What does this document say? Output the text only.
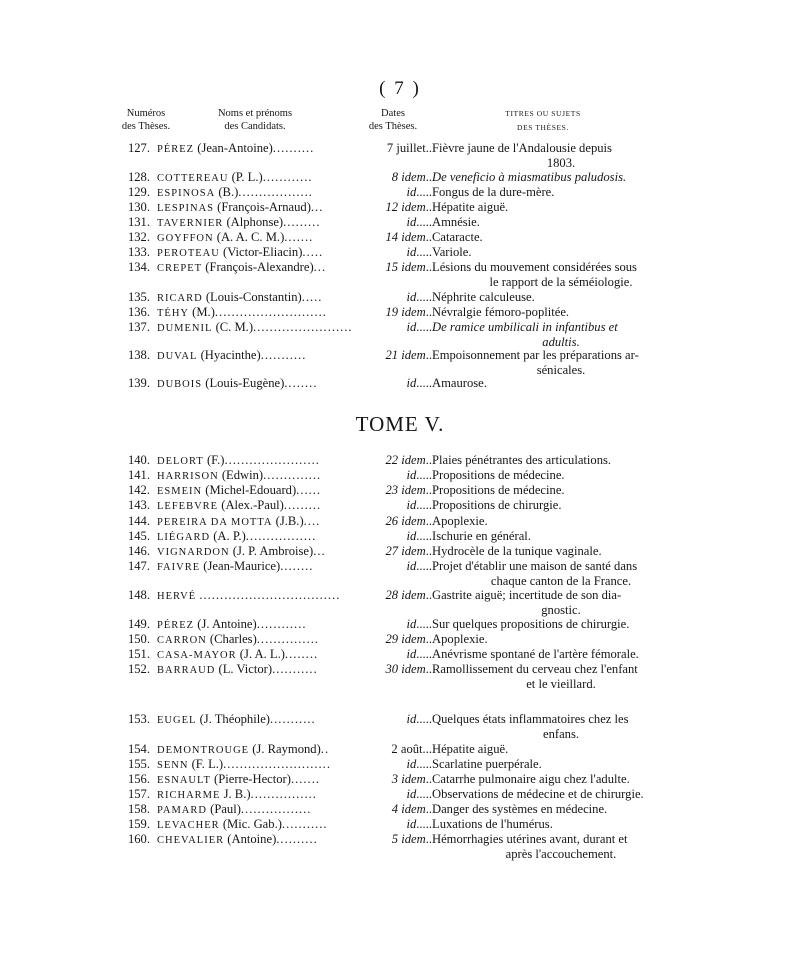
( 7 )
Numéros
des Thèses.
Noms et prénoms
des Candidats.
Dates
des Thèses.
TITRES OU SUJETS
DES THÈSES.
TOME V.
127. PÉREZ (Jean-Antoine)..........	7 juillet.. Fièvre jaune de l'Andalousie depuis
1803.
128. COTTEREAU (P. L.)............	8 idem.. De veneficio à miasmatibus paludosis.
129. ESPINOSA (B.)..................	id..... Fongus de la dure-mère.
130. LESPINAS (François-Arnaud)...	12 idem.. Hépatite aiguë.
131. TAVERNIER (Alphonse).........	id..... Amnésie.
132. GOYFFON (A. A. C. M.).......	14 idem.. Cataracte.
133. PEROTEAU (Victor-Eliacin).....	id..... Variole.
134. CREPET (François-Alexandre)...	15 idem.. Lésions du mouvement considérées sous
le rapport de la séméiologie.
135. RICARD (Louis-Constantin).....	id..... Néphrite calculeuse.
136. TÉHY (M.)...........................	19 idem.. Névralgie fémoro-poplitée.
137. DUMENIL (C. M.)........................	id..... De ramice umbilicali in infantibus et
adultis.
138. DUVAL (Hyacinthe)...........	21 idem.. Empoisonnement par les préparations ar-
sénicales.
139. DUBOIS (Louis-Eugène)........	id..... Amaurose.
140. DELORT (F.).......................	22 idem.. Plaies pénétrantes des articulations.
141. HARRISON (Edwin)..............	id..... Propositions de médecine.
142. ESMEIN (Michel-Edouard)......	23 idem.. Propositions de médecine.
143. LEFEBVRE (Alex.-Paul).........	id..... Propositions de chirurgie.
144. PEREIRA DA MOTTA (J.B.)....	26 idem.. Apoplexie.
145. LIÉGARD (A. P.).................	id..... Ischurie en général.
146. VIGNARDON (J. P. Ambroise)...	27 idem.. Hydrocèle de la tunique vaginale.
147. FAIVRE (Jean-Maurice)........	id..... Projet d'établir une maison de santé dans
chaque canton de la France.
148. HERVÉ ..................................	28 idem.. Gastrite aiguë; incertitude de son dia-
gnostic.
149. PÉREZ (J. Antoine)............	id..... Sur quelques propositions de chirurgie.
150. CARRON (Charles)...............	29 idem.. Apoplexie.
151. CASA-MAYOR (J. A. L.)........	id..... Anévrisme spontané de l'artère fémorale.
152. BARRAUD (L. Victor)...........	30 idem.. Ramollissement du cerveau chez l'enfant
et le vieillard.
153. EUGEL (J. Théophile)...........	id..... Quelques états inflammatoires chez les
enfans.
154. DEMONTROUGE (J. Raymond)..	2 août... Hépatite aiguë.
155. SENN (F. L.)..........................	id..... Scarlatine puerpérale.
156. ESNAULT (Pierre-Hector).......	3 idem.. Catarrhe pulmonaire aigu chez l'adulte.
157. RICHARME J. B.)................	id..... Observations de médecine et de chirurgie.
158. PAMARD (Paul).................	4 idem.. Danger des systèmes en médecine.
159. LEVACHER (Mic. Gab.)...........	id..... Luxations de l'humérus.
160. CHEVALIER (Antoine)..........	5 idem.. Hémorrhagies utérines avant, durant et
après l'accouchement.
